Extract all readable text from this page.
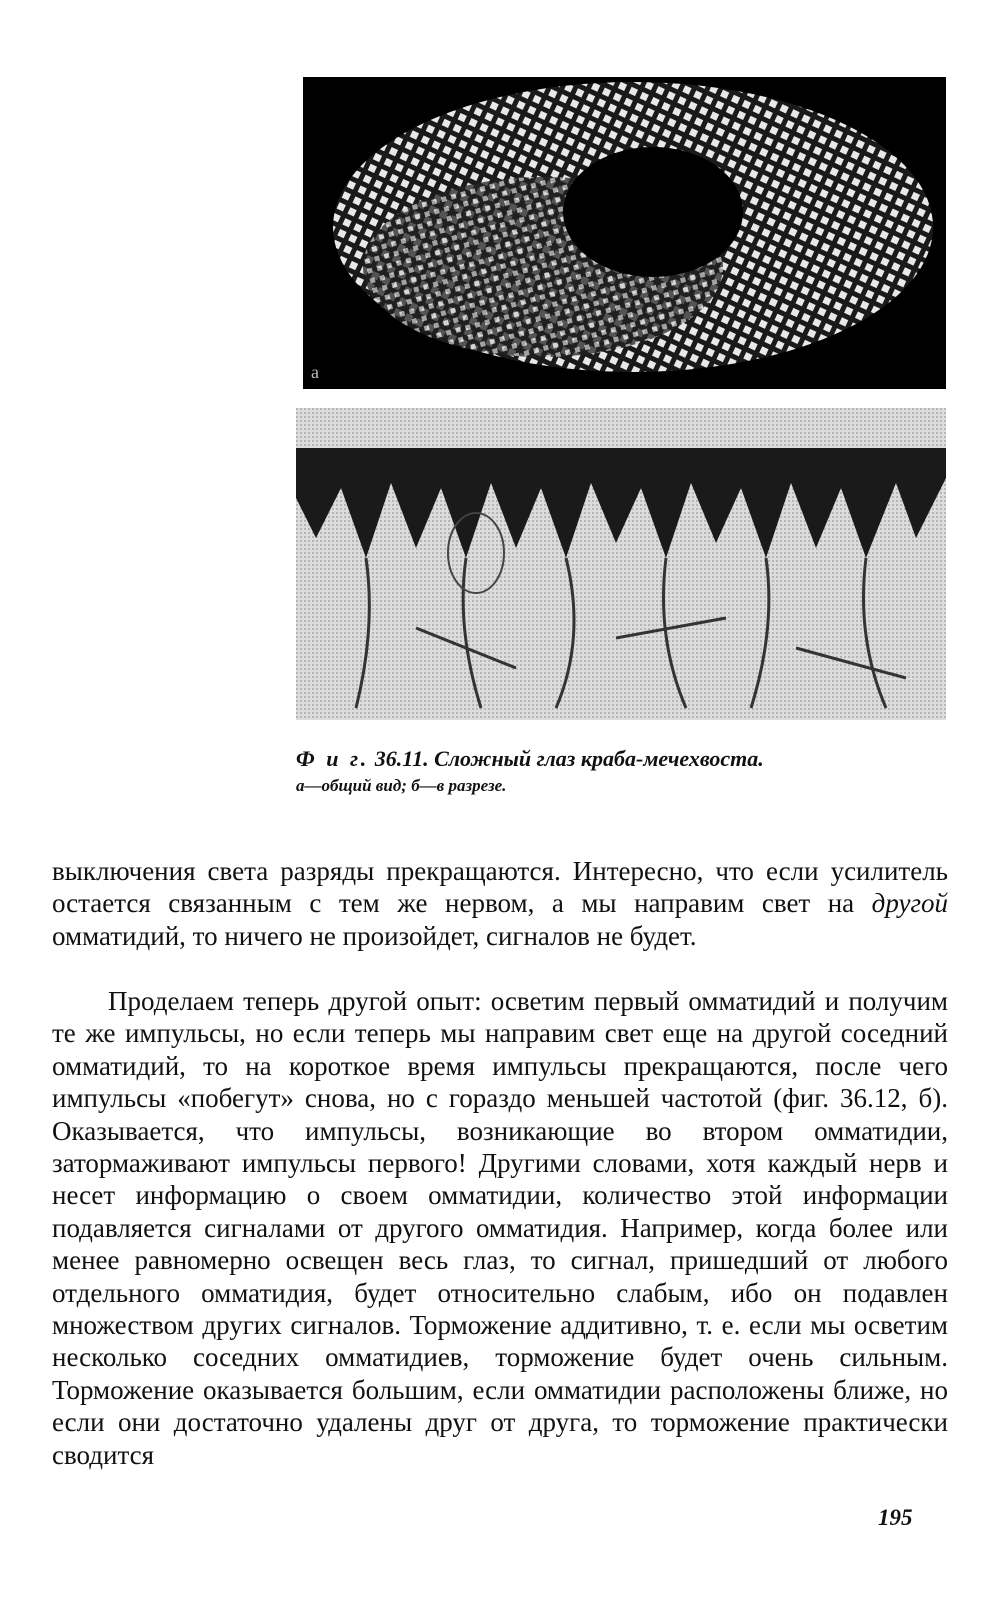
а
Ф и г. 36.11. Сложный глаз краба-мечехвоста.
а—общий вид; б—в разрезе.

выключения света разряды прекращаются. Интересно, что если усилитель остается связанным с тем же нервом, а мы направим свет на другой омматидий, то ничего не произойдет, сигналов не будет.

Проделаем теперь другой опыт: осветим первый омматидий и получим те же импульсы, но если теперь мы направим свет еще на другой соседний омматидий, то на короткое время импульсы прекращаются, после чего импульсы «побегут» снова, но с гораздо меньшей частотой (фиг. 36.12, б). Оказывается, что импульсы, возникающие во втором омматидии, затормаживают импульсы первого! Другими словами, хотя каждый нерв и несет информацию о своем омматидии, количество этой информации подавляется сигналами от другого омматидия. Например, когда более или менее равномерно освещен весь глаз, то сигнал, пришедший от любого отдельного омматидия, будет относительно слабым, ибо он подавлен множеством других сигналов. Торможение аддитивно, т. е. если мы осветим несколько соседних омматидиев, торможение будет очень сильным. Торможение оказывается большим, если омматидии расположены ближе, но если они достаточно удалены друг от друга, то торможение практически сводится

195
